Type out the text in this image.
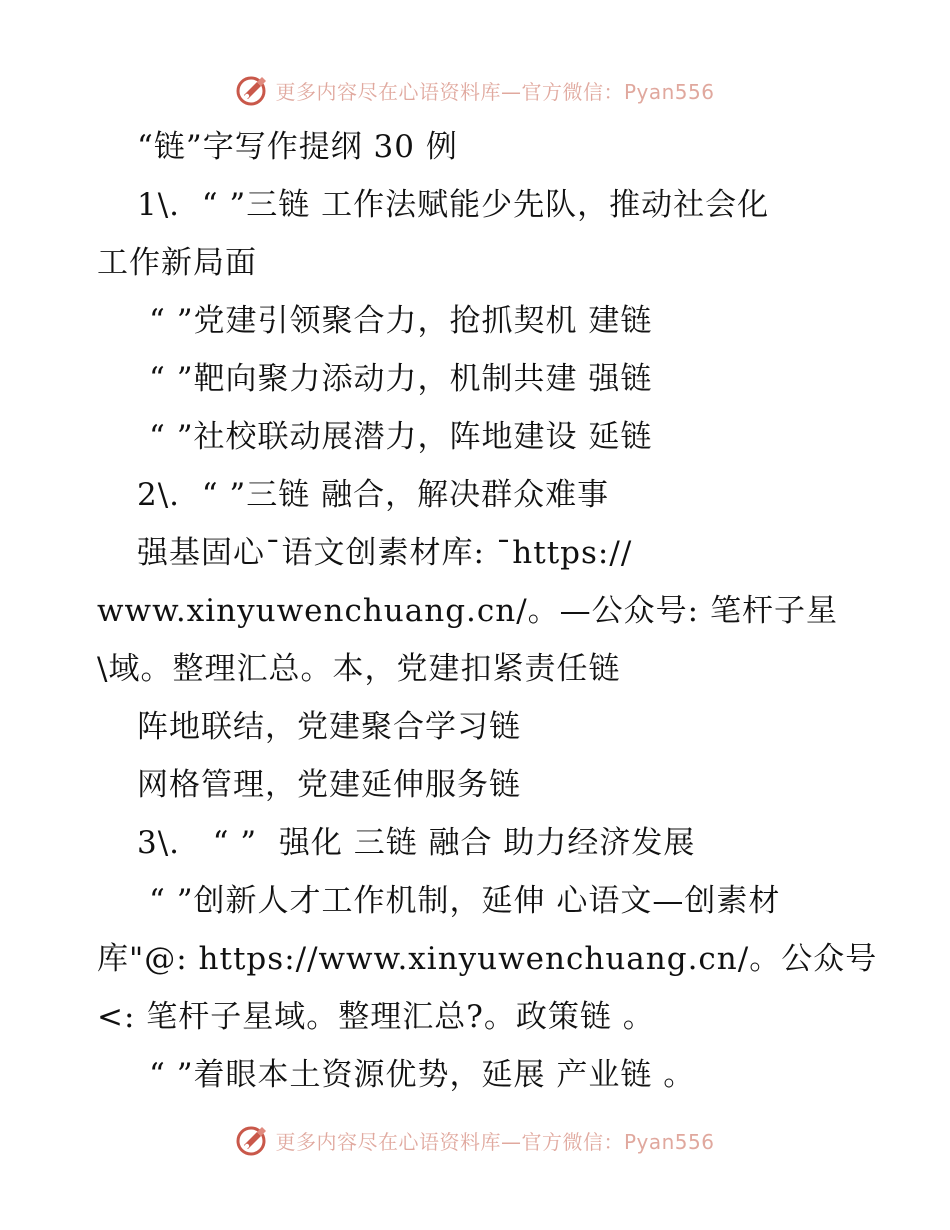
更多内容尽在心语资料库—官方微信：Pyan556
“链”字写作提纲 30 例
1\.  “ ”三链 工作法赋能少先队，推动社会化
工作新局面
“ ”党建引领聚合力，抢抓契机 建链
“ ”靶向聚力添动力，机制共建 强链
“ ”社校联动展潜力，阵地建设 延链
2\.  “ ”三链 融合，解决群众难事
强基固心¯语文创素材库: ¯https://
www.xinyuwenchuang.cn/。—公众号: 笔杆子星
\域。整理汇总。本，党建扣紧责任链
阵地联结，党建聚合学习链
网格管理，党建延伸服务链
3\.   “ ”  强化 三链 融合 助力经济发展
“ ”创新人才工作机制，延伸 心语文—创素材
库"@: https://www.xinyuwenchuang.cn/。公众号
<: 笔杆子星域。整理汇总?。政策链 。
“ ”着眼本土资源优势，延展 产业链 。
更多内容尽在心语资料库—官方微信：Pyan556
